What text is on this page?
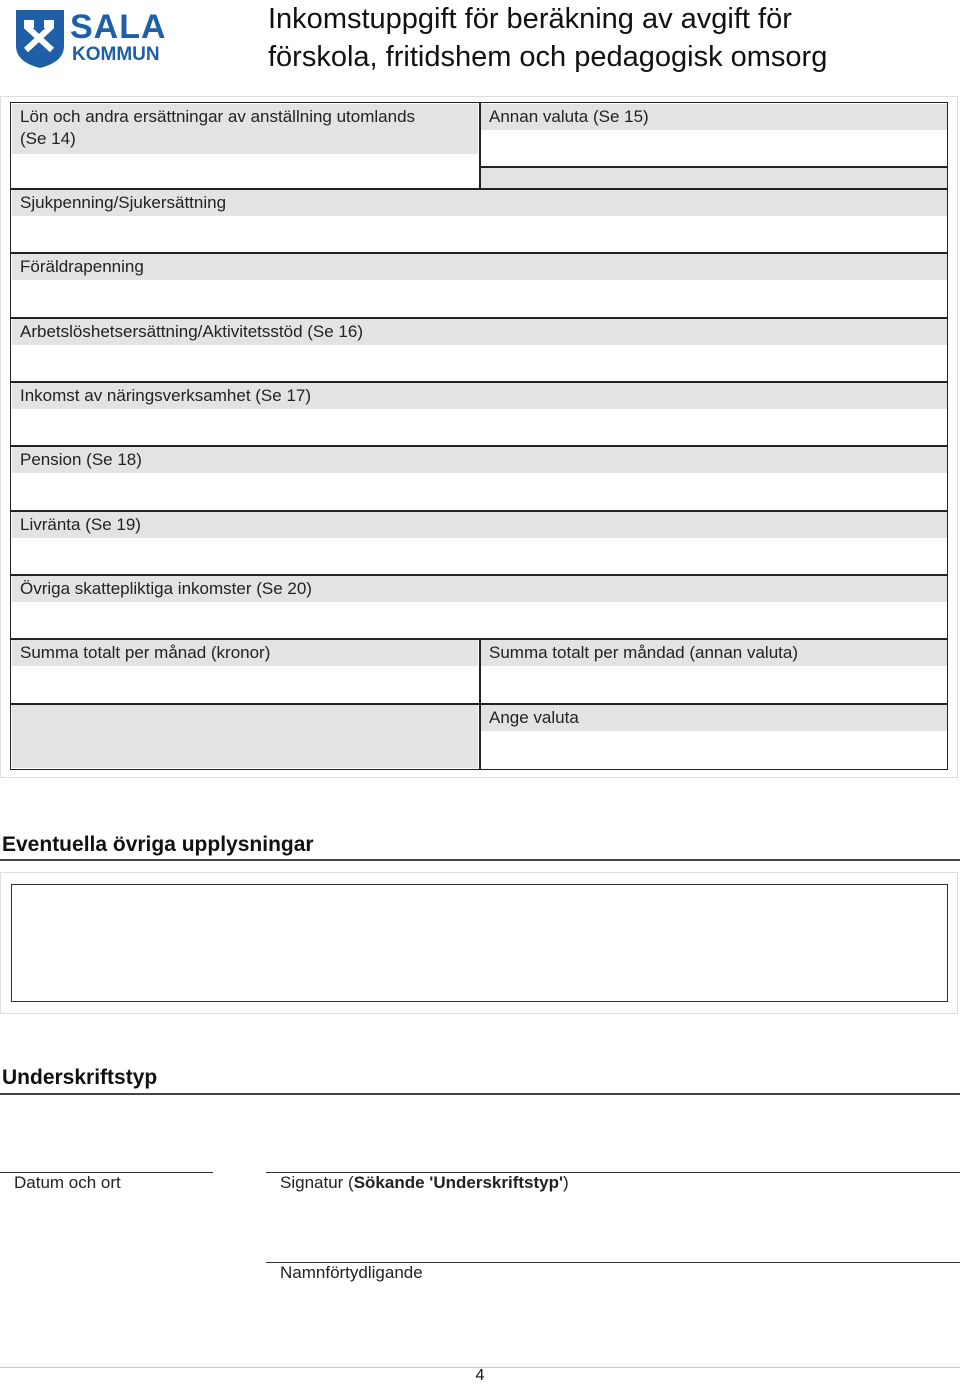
SALA
KOMMUN
Inkomstuppgift för beräkning av avgift för
förskola, fritidshem och pedagogisk omsorg
Lön och andra ersättningar av anställning utomlands
(Se 14)
Annan valuta (Se 15)
Sjukpenning/Sjukersättning
Föräldrapenning
Arbetslöshetsersättning/Aktivitetsstöd (Se 16)
Inkomst av näringsverksamhet (Se 17)
Pension (Se 18)
Livränta (Se 19)
Övriga skattepliktiga inkomster (Se 20)
Summa totalt per månad (kronor)	Summa totalt per måndad (annan valuta)
Ange valuta
Eventuella övriga upplysningar
Underskriftstyp
Datum och ort	Signatur (Sökande 'Underskriftstyp')
Namnförtydligande
4
